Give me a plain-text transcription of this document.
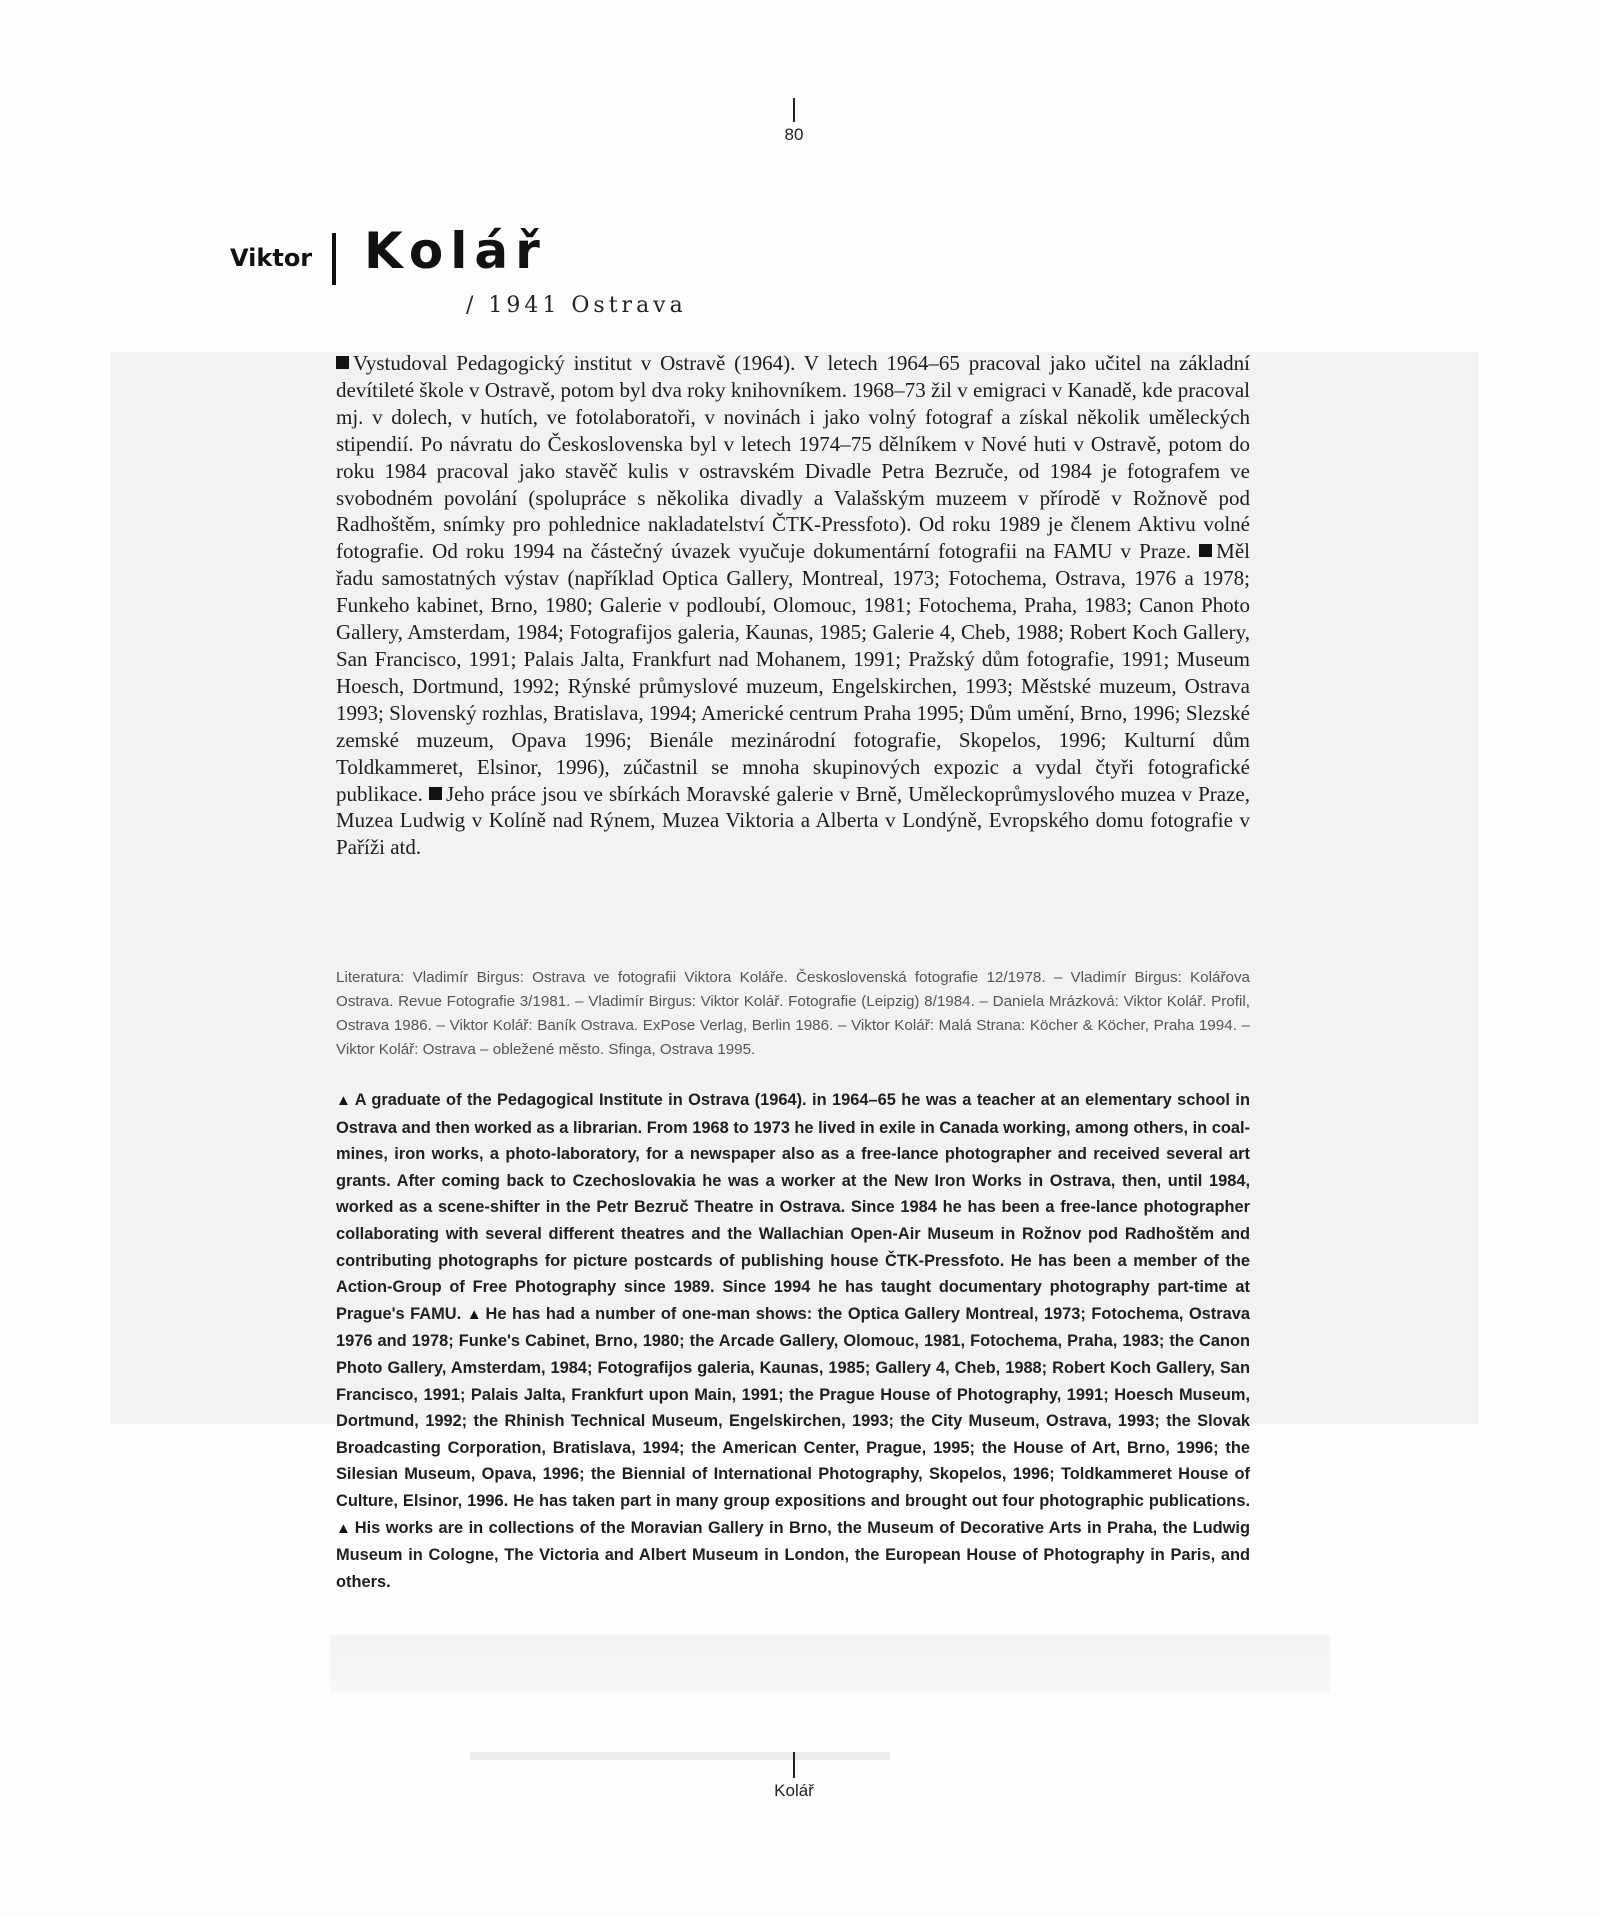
80
Viktor Kolář
/ 1941 Ostrava

Vystudoval Pedagogický institut v Ostravě (1964). V letech 1964–65 pracoval jako učitel na základní devítileté škole v Ostravě, potom byl dva roky knihovníkem. 1968–73 žil v emigraci v Kanadě, kde pracoval mj. v dolech, v hutích, ve fotolaboratoři, v novinách i jako volný fotograf a získal několik uměleckých stipendií. Po návratu do Československa byl v letech 1974–75 dělníkem v Nové huti v Ostravě, potom do roku 1984 pracoval jako stavěč kulis v ostravském Divadle Petra Bezruče, od 1984 je fotografem ve svobodném povolání (spolupráce s několika divadly a Valašským muzeem v přírodě v Rožnově pod Radhoštěm, snímky pro pohlednice nakladatelství ČTK-Pressfoto). Od roku 1989 je členem Aktivu volné fotografie. Od roku 1994 na částečný úvazek vyučuje dokumentární fotografii na FAMU v Praze. Měl řadu samostatných výstav (například Optica Gallery, Montreal, 1973; Fotochema, Ostrava, 1976 a 1978; Funkeho kabinet, Brno, 1980; Galerie v podloubí, Olomouc, 1981; Fotochema, Praha, 1983; Canon Photo Gallery, Amsterdam, 1984; Fotografijos galeria, Kaunas, 1985; Galerie 4, Cheb, 1988; Robert Koch Gallery, San Francisco, 1991; Palais Jalta, Frankfurt nad Mohanem, 1991; Pražský dům fotografie, 1991; Museum Hoesch, Dortmund, 1992; Rýnské průmyslové muzeum, Engelskirchen, 1993; Městské muzeum, Ostrava 1993; Slovenský rozhlas, Bratislava, 1994; Americké centrum Praha 1995; Dům umění, Brno, 1996; Slezské zemské muzeum, Opava 1996; Bienále mezinárodní fotografie, Skopelos, 1996; Kulturní dům Toldkammeret, Elsinor, 1996), zúčastnil se mnoha skupinových expozic a vydal čtyři fotografické publikace. Jeho práce jsou ve sbírkách Moravské galerie v Brně, Uměleckoprůmyslového muzea v Praze, Muzea Ludwig v Kolíně nad Rýnem, Muzea Viktoria a Alberta v Londýně, Evropského domu fotografie v Paříži atd.

Literatura: Vladimír Birgus: Ostrava ve fotografii Viktora Koláře. Československá fotografie 12/1978. – Vladimír Birgus: Kolářova Ostrava. Revue Fotografie 3/1981. – Vladimír Birgus: Viktor Kolář. Fotografie (Leipzig) 8/1984. – Daniela Mrázková: Viktor Kolář. Profil, Ostrava 1986. – Viktor Kolář: Baník Ostrava. ExPose Verlag, Berlin 1986. – Viktor Kolář: Malá Strana: Köcher & Köcher, Praha 1994. – Viktor Kolář: Ostrava – obležené město. Sfinga, Ostrava 1995.

▲ A graduate of the Pedagogical Institute in Ostrava (1964). in 1964–65 he was a teacher at an elementary school in Ostrava and then worked as a librarian. From 1968 to 1973 he lived in exile in Canada working, among others, in coal-mines, iron works, a photo-laboratory, for a newspaper also as a free-lance photographer and received several art grants. After coming back to Czechoslovakia he was a worker at the New Iron Works in Ostrava, then, until 1984, worked as a scene-shifter in the Petr Bezruč Theatre in Ostrava. Since 1984 he has been a free-lance photographer collaborating with several different theatres and the Wallachian Open-Air Museum in Rožnov pod Radhoštěm and contributing photographs for picture postcards of publishing house ČTK-Pressfoto. He has been a member of the Action-Group of Free Photography since 1989. Since 1994 he has taught documentary photography part-time at Prague's FAMU. ▲ He has had a number of one-man shows: the Optica Gallery Montreal, 1973; Fotochema, Ostrava 1976 and 1978; Funke's Cabinet, Brno, 1980; the Arcade Gallery, Olomouc, 1981, Fotochema, Praha, 1983; the Canon Photo Gallery, Amsterdam, 1984; Fotografijos galeria, Kaunas, 1985; Gallery 4, Cheb, 1988; Robert Koch Gallery, San Francisco, 1991; Palais Jalta, Frankfurt upon Main, 1991; the Prague House of Photography, 1991; Hoesch Museum, Dortmund, 1992; the Rhinish Technical Museum, Engelskirchen, 1993; the City Museum, Ostrava, 1993; the Slovak Broadcasting Corporation, Bratislava, 1994; the American Center, Prague, 1995; the House of Art, Brno, 1996; the Silesian Museum, Opava, 1996; the Biennial of International Photography, Skopelos, 1996; Toldkammeret House of Culture, Elsinor, 1996. He has taken part in many group expositions and brought out four photographic publications. ▲ His works are in collections of the Moravian Gallery in Brno, the Museum of Decorative Arts in Praha, the Ludwig Museum in Cologne, The Victoria and Albert Museum in London, the European House of Photography in Paris, and others.

Kolář
